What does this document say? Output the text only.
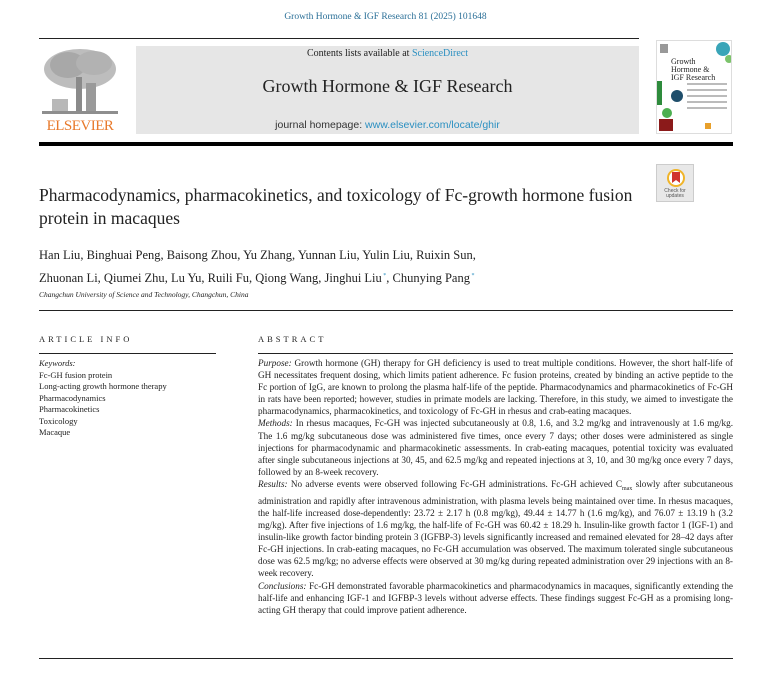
Growth Hormone & IGF Research 81 (2025) 101648
ELSEVIER
Contents lists available at ScienceDirect
Growth Hormone & IGF Research
journal homepage: www.elsevier.com/locate/ghir
Growth
Hormone &
IGF Research
Check for
updates
Pharmacodynamics, pharmacokinetics, and toxicology of Fc-growth hormone fusion protein in macaques
Han Liu, Binghuai Peng, Baisong Zhou, Yu Zhang, Yunnan Liu, Yulin Liu, Ruixin Sun,
Zhuonan Li, Qiumei Zhu, Lu Yu, Ruili Fu, Qiong Wang, Jinghui Liu *, Chunying Pang *
Changchun University of Science and Technology, Changchun, China
ARTICLE INFO	ABSTRACT
Keywords:
Fc-GH fusion protein
Long-acting growth hormone therapy
Pharmacodynamics
Pharmacokinetics
Toxicology
Macaque

Purpose: Growth hormone (GH) therapy for GH deficiency is used to treat multiple conditions. However, the short half-life of GH necessitates frequent dosing, which limits patient adherence. Fc fusion proteins, created by binding an active peptide to the Fc portion of IgG, are known to prolong the plasma half-life of the peptide. Pharmacodynamics and pharmacokinetics of Fc-GH in rats have been reported; however, studies in primate models are lacking. Therefore, in this study, we aimed to investigate the pharmacodynamics, pharmacokinetics, and toxicology of Fc-GH in rhesus and crab-eating macaques.

Methods: In rhesus macaques, Fc-GH was injected subcutaneously at 0.8, 1.6, and 3.2 mg/kg and intravenously at 1.6 mg/kg. The 1.6 mg/kg subcutaneous dose was administered five times, once every 7 days; other doses were administered as single injections for pharmacodynamic and pharmacokinetic assessments. In crab-eating macaques, potential toxicity was evaluated after single subcutaneous injections at 30, 45, and 62.5 mg/kg and repeated injections at 3, 10, and 30 mg/kg once every 7 days, followed by an 8-week recovery.

Results: No adverse events were observed following Fc-GH administrations. Fc-GH achieved $C_{max}$ slowly after subcutaneous administration and rapidly after intravenous administration, with plasma levels being maintained over time. In rhesus macaques, the half-life increased dose-dependently: 23.72 ± 2.17 h (0.8 mg/kg), 49.44 ± 14.77 h (1.6 mg/kg), and 76.07 ± 13.19 h (3.2 mg/kg). After five injections of 1.6 mg/kg, the half-life of Fc-GH was 60.42 ± 18.29 h. Insulin-like growth factor 1 (IGF-1) and insulin-like growth factor binding protein 3 (IGFBP-3) levels significantly increased and remained elevated for 28–42 days after Fc-GH injections. In crab-eating macaques, no Fc-GH accumulation was observed. The maximum tolerated single subcutaneous dose was 62.5 mg/kg; no adverse effects were observed at 30 mg/kg during repeated administration over 29 injections with an 8-week recovery.

Conclusions: Fc-GH demonstrated favorable pharmacokinetics and pharmacodynamics in macaques, significantly extending the half-life and enhancing IGF-1 and IGFBP-3 levels without adverse effects. These findings suggest Fc-GH as a promising long-acting GH therapy that could improve patient adherence.
